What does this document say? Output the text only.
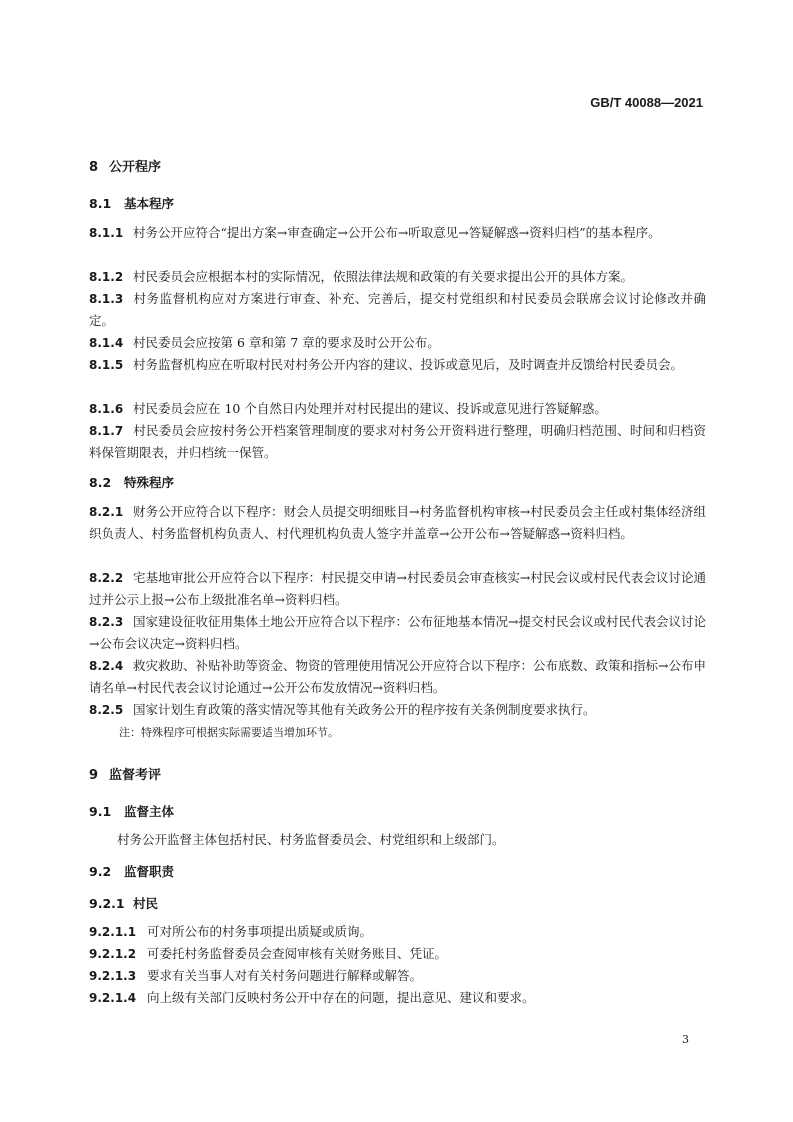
GB/T 40088—2021
8 公开程序
8.1 基本程序
8.1.1 村务公开应符合“提出方案→审查确定→公开公布→听取意见→答疑解惑→资料归档”的基本程序。
8.1.2 村民委员会应根据本村的实际情况，依照法律法规和政策的有关要求提出公开的具体方案。
8.1.3 村务监督机构应对方案进行审查、补充、完善后，提交村党组织和村民委员会联席会议讨论修改并确定。
8.1.4 村民委员会应按第 6 章和第 7 章的要求及时公开公布。
8.1.5 村务监督机构应在听取村民对村务公开内容的建议、投诉或意见后，及时调查并反馈给村民委员会。
8.1.6 村民委员会应在 10 个自然日内处理并对村民提出的建议、投诉或意见进行答疑解惑。
8.1.7 村民委员会应按村务公开档案管理制度的要求对村务公开资料进行整理，明确归档范围、时间和归档资料保管期限表，并归档统一保管。
8.2 特殊程序
8.2.1 财务公开应符合以下程序：财会人员提交明细账目→村务监督机构审核→村民委员会主任或村集体经济组织负责人、村务监督机构负责人、村代理机构负责人签字并盖章→公开公布→答疑解惑→资料归档。
8.2.2 宅基地审批公开应符合以下程序：村民提交申请→村民委员会审查核实→村民会议或村民代表会议讨论通过并公示上报→公布上级批准名单→资料归档。
8.2.3 国家建设征收征用集体土地公开应符合以下程序：公布征地基本情况→提交村民会议或村民代表会议讨论→公布会议决定→资料归档。
8.2.4 救灾救助、补贴补助等资金、物资的管理使用情况公开应符合以下程序：公布底数、政策和指标→公布申请名单→村民代表会议讨论通过→公开公布发放情况→资料归档。
8.2.5 国家计划生育政策的落实情况等其他有关政务公开的程序按有关条例制度要求执行。
注：特殊程序可根据实际需要适当增加环节。
9 监督考评
9.1 监督主体
村务公开监督主体包括村民、村务监督委员会、村党组织和上级部门。
9.2 监督职责
9.2.1 村民
9.2.1.1 可对所公布的村务事项提出质疑或质询。
9.2.1.2 可委托村务监督委员会查阅审核有关财务账目、凭证。
9.2.1.3 要求有关当事人对有关村务问题进行解释或解答。
9.2.1.4 向上级有关部门反映村务公开中存在的问题，提出意见、建议和要求。
3
